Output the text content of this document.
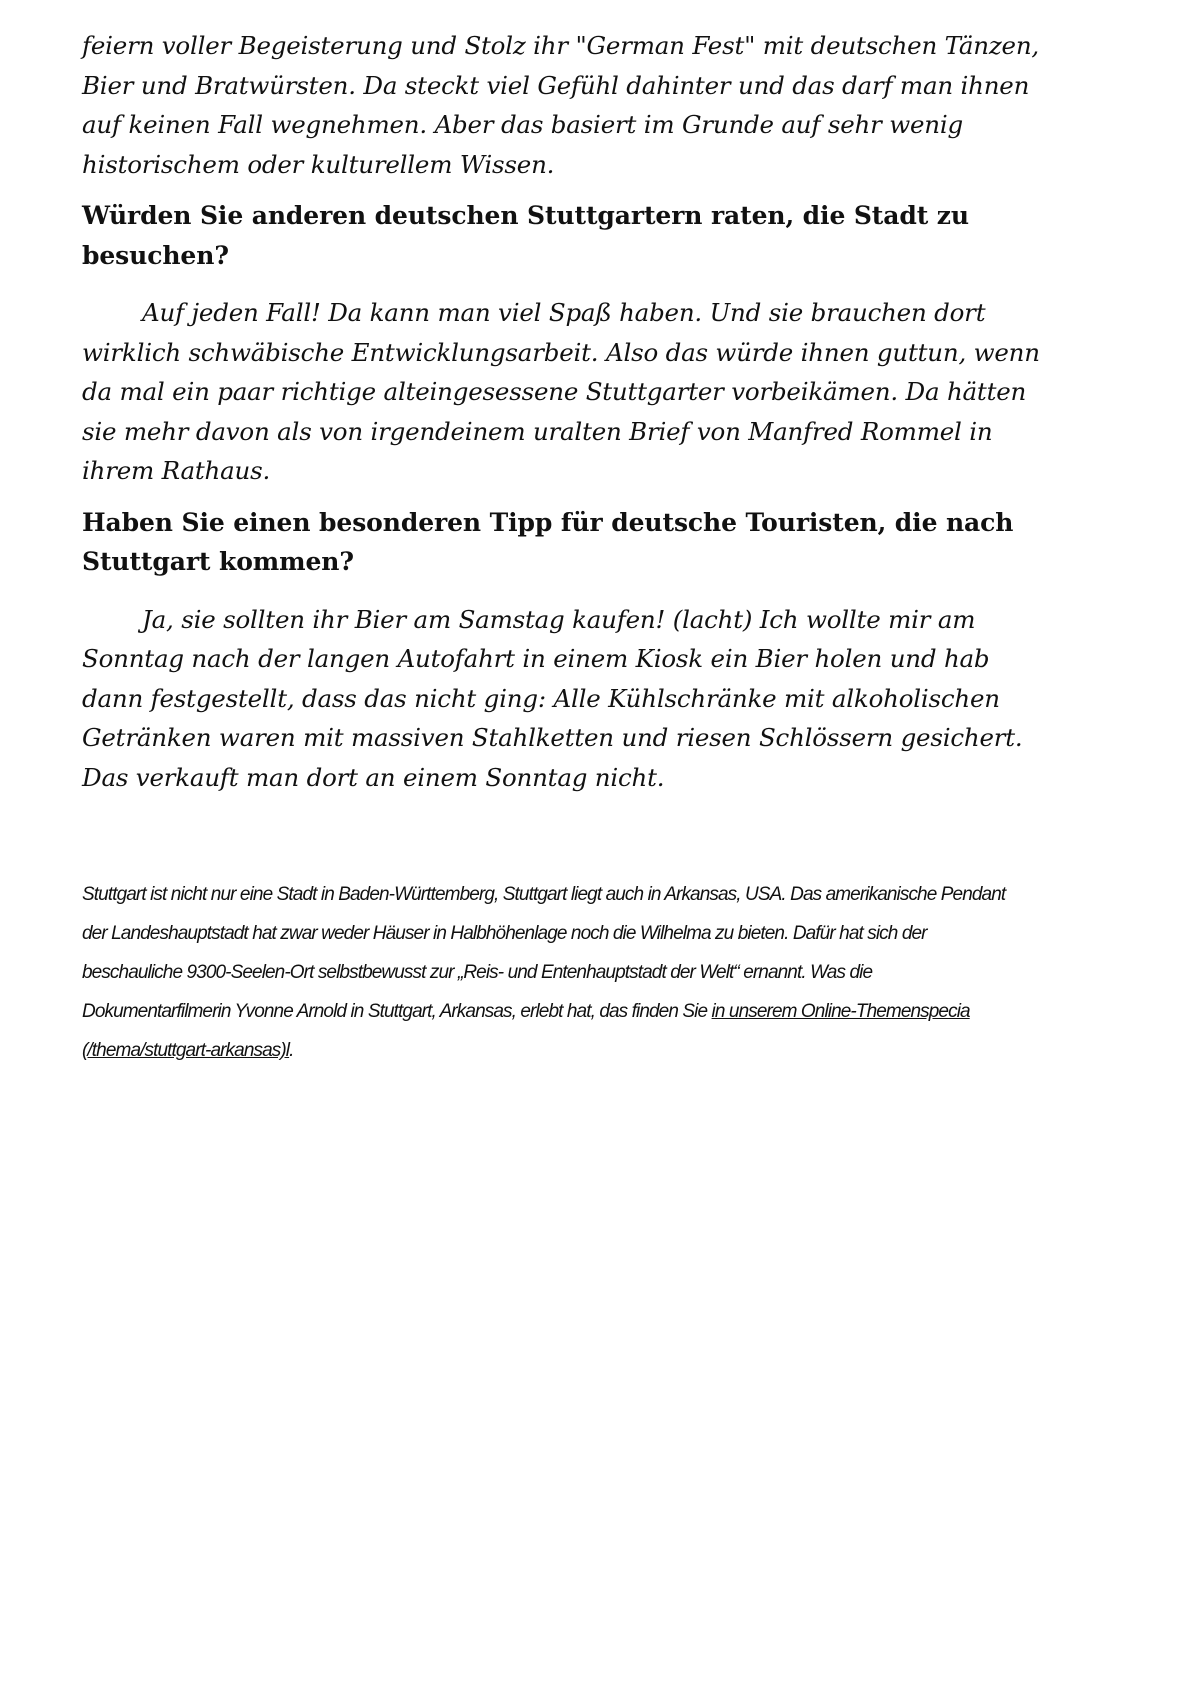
feiern voller Begeisterung und Stolz ihr "German Fest" mit deutschen Tänzen, Bier und Bratwürsten. Da steckt viel Gefühl dahinter und das darf man ihnen auf keinen Fall wegnehmen. Aber das basiert im Grunde auf sehr wenig historischem oder kulturellem Wissen.

Würden Sie anderen deutschen Stuttgartern raten, die Stadt zu besuchen?

Auf jeden Fall! Da kann man viel Spaß haben. Und sie brauchen dort wirklich schwäbische Entwicklungsarbeit. Also das würde ihnen guttun, wenn da mal ein paar richtige alteingesessene Stuttgarter vorbeikämen. Da hätten sie mehr davon als von irgendeinem uralten Brief von Manfred Rommel in ihrem Rathaus.

Haben Sie einen besonderen Tipp für deutsche Touristen, die nach Stuttgart kommen?

Ja, sie sollten ihr Bier am Samstag kaufen! (lacht) Ich wollte mir am Sonntag nach der langen Autofahrt in einem Kiosk ein Bier holen und hab dann festgestellt, dass das nicht ging: Alle Kühlschränke mit alkoholischen Getränken waren mit massiven Stahlketten und riesen Schlössern gesichert. Das verkauft man dort an einem Sonntag nicht.

Stuttgart ist nicht nur eine Stadt in Baden-Württemberg, Stuttgart liegt auch in Arkansas, USA. Das amerikanische Pendant der Landeshauptstadt hat zwar weder Häuser in Halbhöhenlage noch die Wilhelma zu bieten. Dafür hat sich der beschauliche 9300-Seelen-Ort selbstbewusst zur „Reis- und Entenhauptstadt der Welt“ ernannt. Was die Dokumentarfilmerin Yvonne Arnold in Stuttgart, Arkansas, erlebt hat, das finden Sie in unserem Online-Themenspecia (/thema/stuttgart-arkansas)l.
